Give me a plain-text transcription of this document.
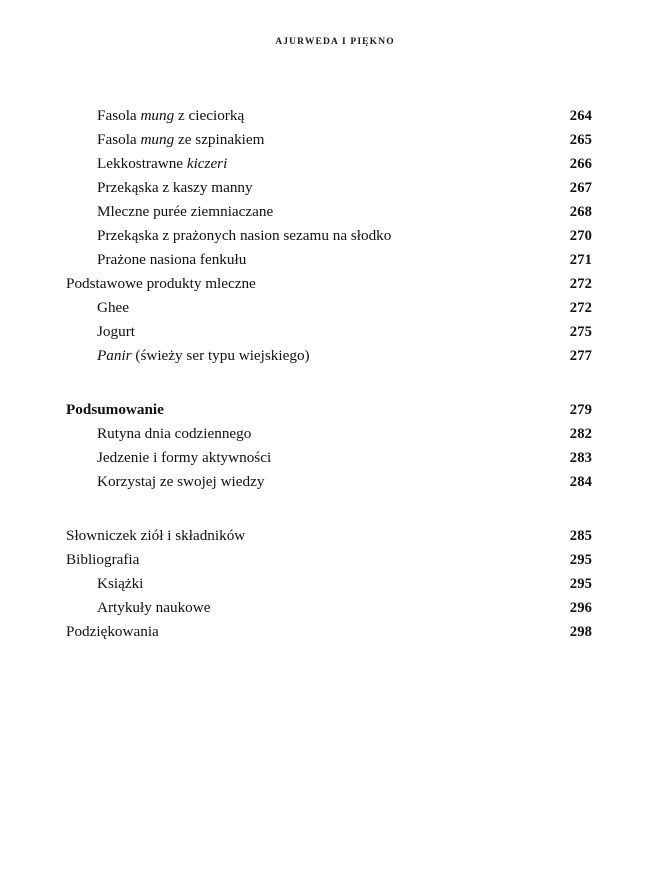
AJURWEDA I PIĘKNO
Fasola mung z cieciorką	264
Fasola mung ze szpinakiem	265
Lekkostrawne kiczeri	266
Przekąska z kaszy manny	267
Mleczne purée ziemniaczane	268
Przekąska z prażonych nasion sezamu na słodko	270
Prażone nasiona fenkułu	271
Podstawowe produkty mleczne	272
Ghee	272
Jogurt	275
Panir (świeży ser typu wiejskiego)	277
Podsumowanie	279
Rutyna dnia codziennego	282
Jedzenie i formy aktywności	283
Korzystaj ze swojej wiedzy	284
Słowniczek ziół i składników	285
Bibliografia	295
Książki	295
Artykuły naukowe	296
Podziękowania	298
